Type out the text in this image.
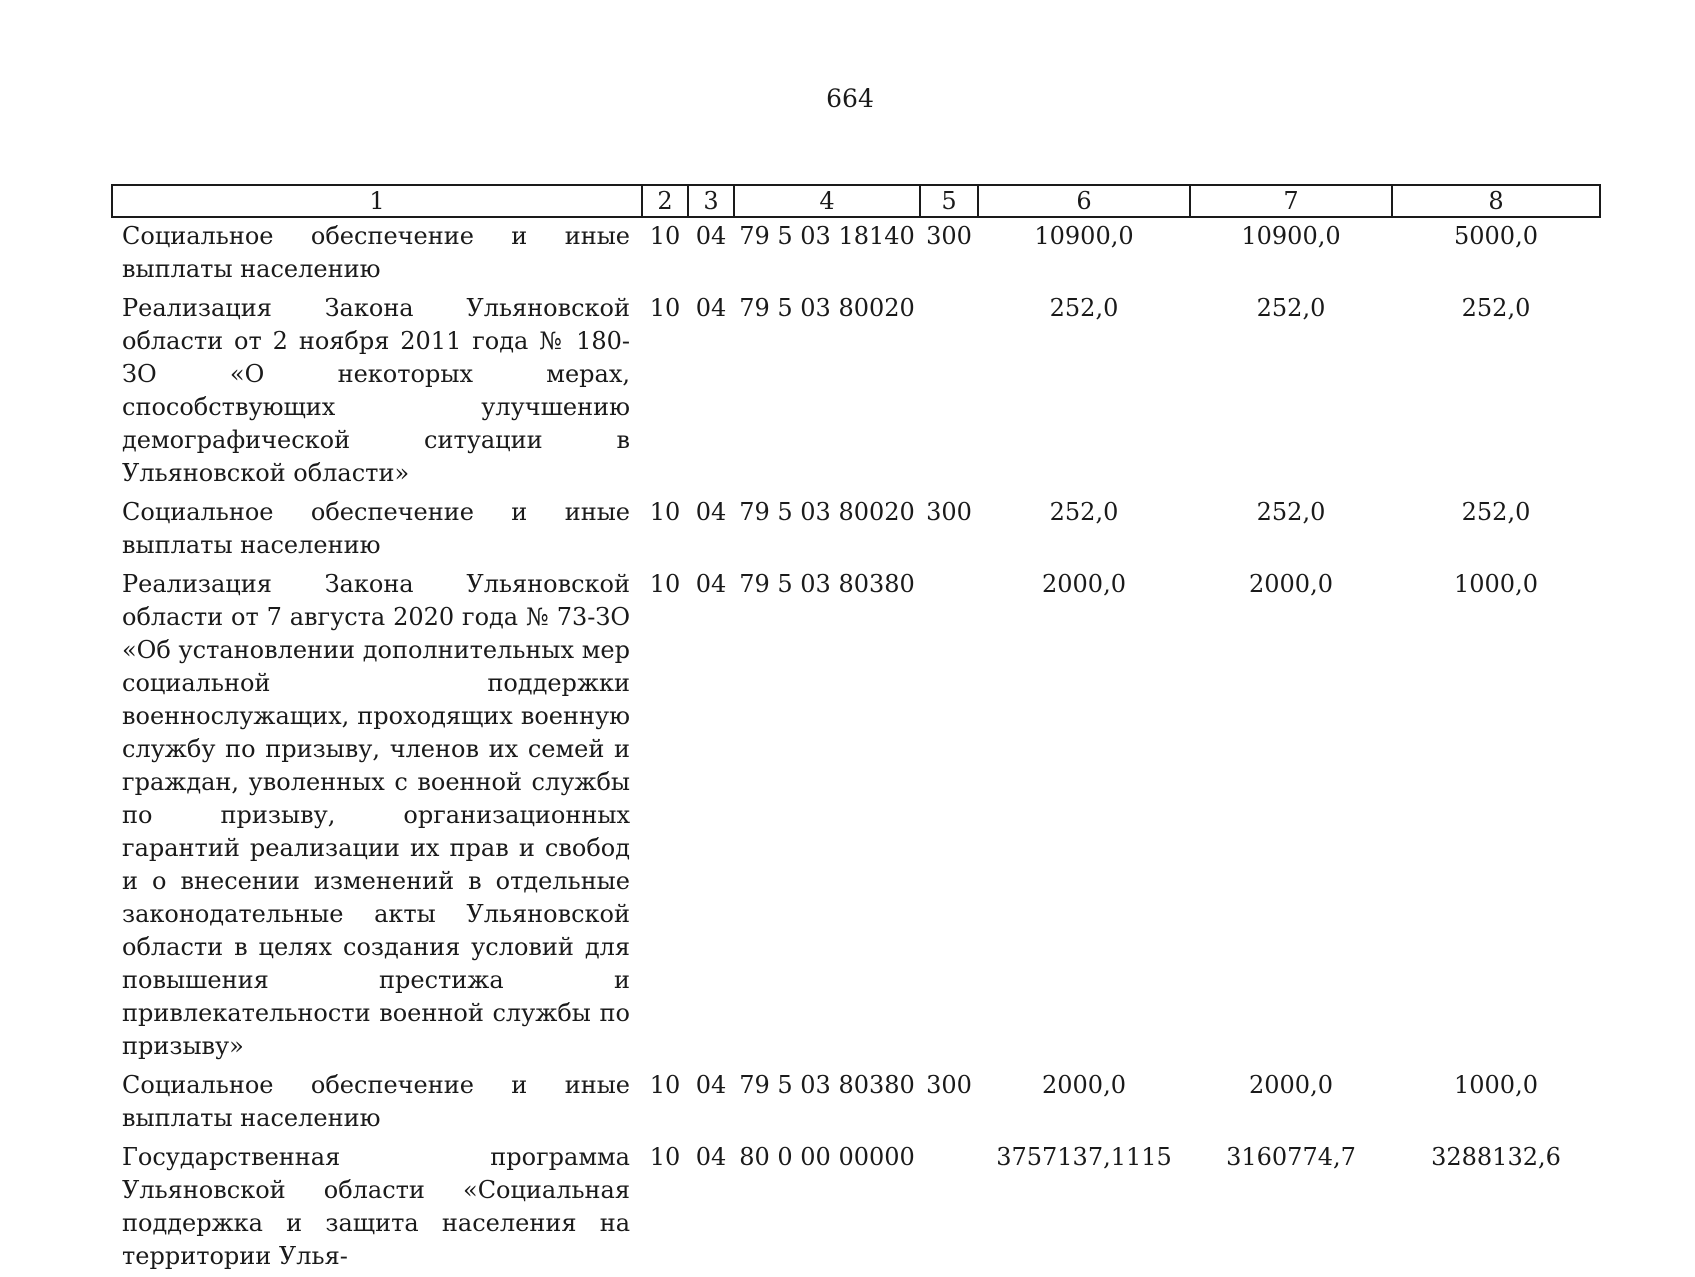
664
1	2	3	4	5	6	7	8
Социальное обеспечение и иные выплаты населению	10	04	79 5 03 18140	300	10900,0	10900,0	5000,0
Реализация Закона Ульяновской области от 2 ноября 2011 года № 180-ЗО «О некоторых мерах, способствующих улучшению демографической ситуации в Ульяновской области»	10	04	79 5 03 80020		252,0	252,0	252,0
Социальное обеспечение и иные выплаты населению	10	04	79 5 03 80020	300	252,0	252,0	252,0
Реализация Закона Ульяновской области от 7 августа 2020 года № 73-ЗО «Об установлении дополнительных мер социальной поддержки военнослужащих, проходящих военную службу по призыву, членов их семей и граждан, уволенных с военной службы по призыву, организационных гарантий реализации их прав и свобод и о внесении изменений в отдельные законодательные акты Ульяновской области в целях создания условий для повышения престижа и привлекательности военной службы по призыву»	10	04	79 5 03 80380		2000,0	2000,0	1000,0
Социальное обеспечение и иные выплаты населению	10	04	79 5 03 80380	300	2000,0	2000,0	1000,0
Государственная программа Ульяновской области «Социальная поддержка и защита населения на территории Улья-	10	04	80 0 00 00000		3757137,1115	3160774,7	3288132,6
